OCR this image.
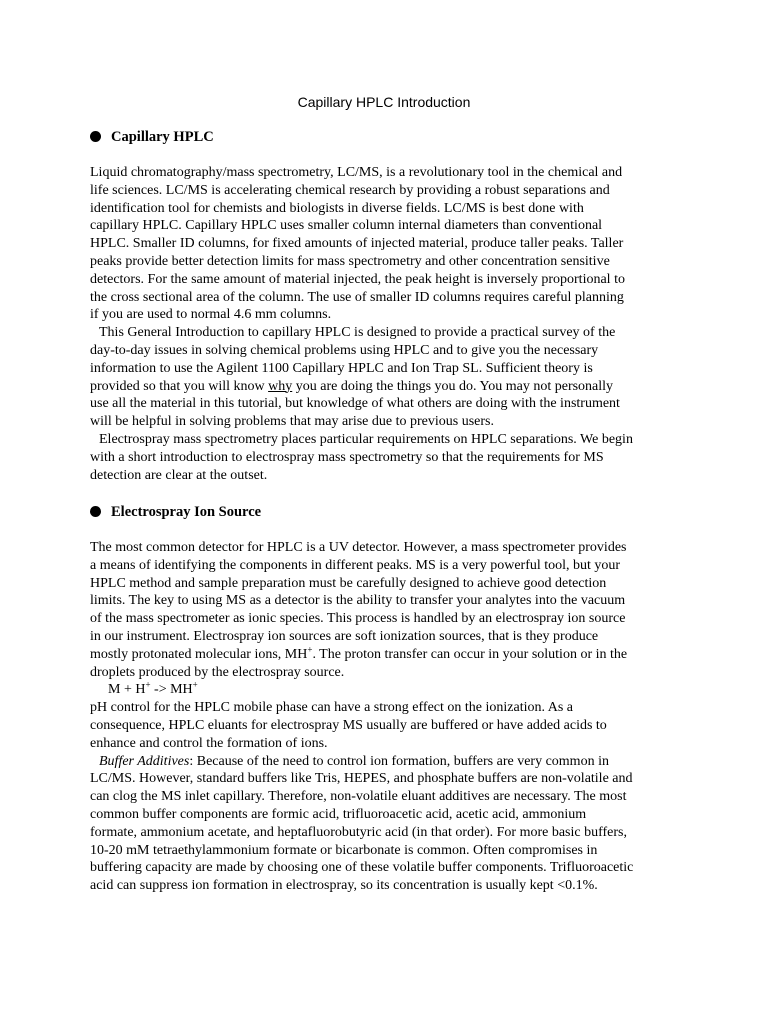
Capillary HPLC Introduction
Capillary HPLC
Liquid chromatography/mass spectrometry, LC/MS, is a revolutionary tool in the chemical and
life sciences. LC/MS is accelerating chemical research by providing a robust separations and
identification tool for chemists and biologists in diverse fields. LC/MS is best done with
capillary HPLC. Capillary HPLC uses smaller column internal diameters than conventional
HPLC. Smaller ID columns, for fixed amounts of injected material, produce taller peaks. Taller
peaks provide better detection limits for mass spectrometry and other concentration sensitive
detectors. For the same amount of material injected, the peak height is inversely proportional to
the cross sectional area of the column. The use of smaller ID columns requires careful planning
if you are used to normal 4.6 mm columns.
This General Introduction to capillary HPLC is designed to provide a practical survey of the
day-to-day issues in solving chemical problems using HPLC and to give you the necessary
information to use the Agilent 1100 Capillary HPLC and Ion Trap SL. Sufficient theory is
provided so that you will know why you are doing the things you do. You may not personally
use all the material in this tutorial, but knowledge of what others are doing with the instrument
will be helpful in solving problems that may arise due to previous users.
Electrospray mass spectrometry places particular requirements on HPLC separations. We begin
with a short introduction to electrospray mass spectrometry so that the requirements for MS
detection are clear at the outset.
Electrospray Ion Source
The most common detector for HPLC is a UV detector. However, a mass spectrometer provides
a means of identifying the components in different peaks. MS is a very powerful tool, but your
HPLC method and sample preparation must be carefully designed to achieve good detection
limits. The key to using MS as a detector is the ability to transfer your analytes into the vacuum
of the mass spectrometer as ionic species. This process is handled by an electrospray ion source
in our instrument. Electrospray ion sources are soft ionization sources, that is they produce
mostly protonated molecular ions, MH+. The proton transfer can occur in your solution or in the
droplets produced by the electrospray source.
M + H+ -> MH+
pH control for the HPLC mobile phase can have a strong effect on the ionization. As a
consequence, HPLC eluants for electrospray MS usually are buffered or have added acids to
enhance and control the formation of ions.
Buffer Additives: Because of the need to control ion formation, buffers are very common in
LC/MS. However, standard buffers like Tris, HEPES, and phosphate buffers are non-volatile and
can clog the MS inlet capillary. Therefore, non-volatile eluant additives are necessary. The most
common buffer components are formic acid, trifluoroacetic acid, acetic acid, ammonium
formate, ammonium acetate, and heptafluorobutyric acid (in that order). For more basic buffers,
10-20 mM tetraethylammonium formate or bicarbonate is common. Often compromises in
buffering capacity are made by choosing one of these volatile buffer components. Trifluoroacetic
acid can suppress ion formation in electrospray, so its concentration is usually kept <0.1%.
